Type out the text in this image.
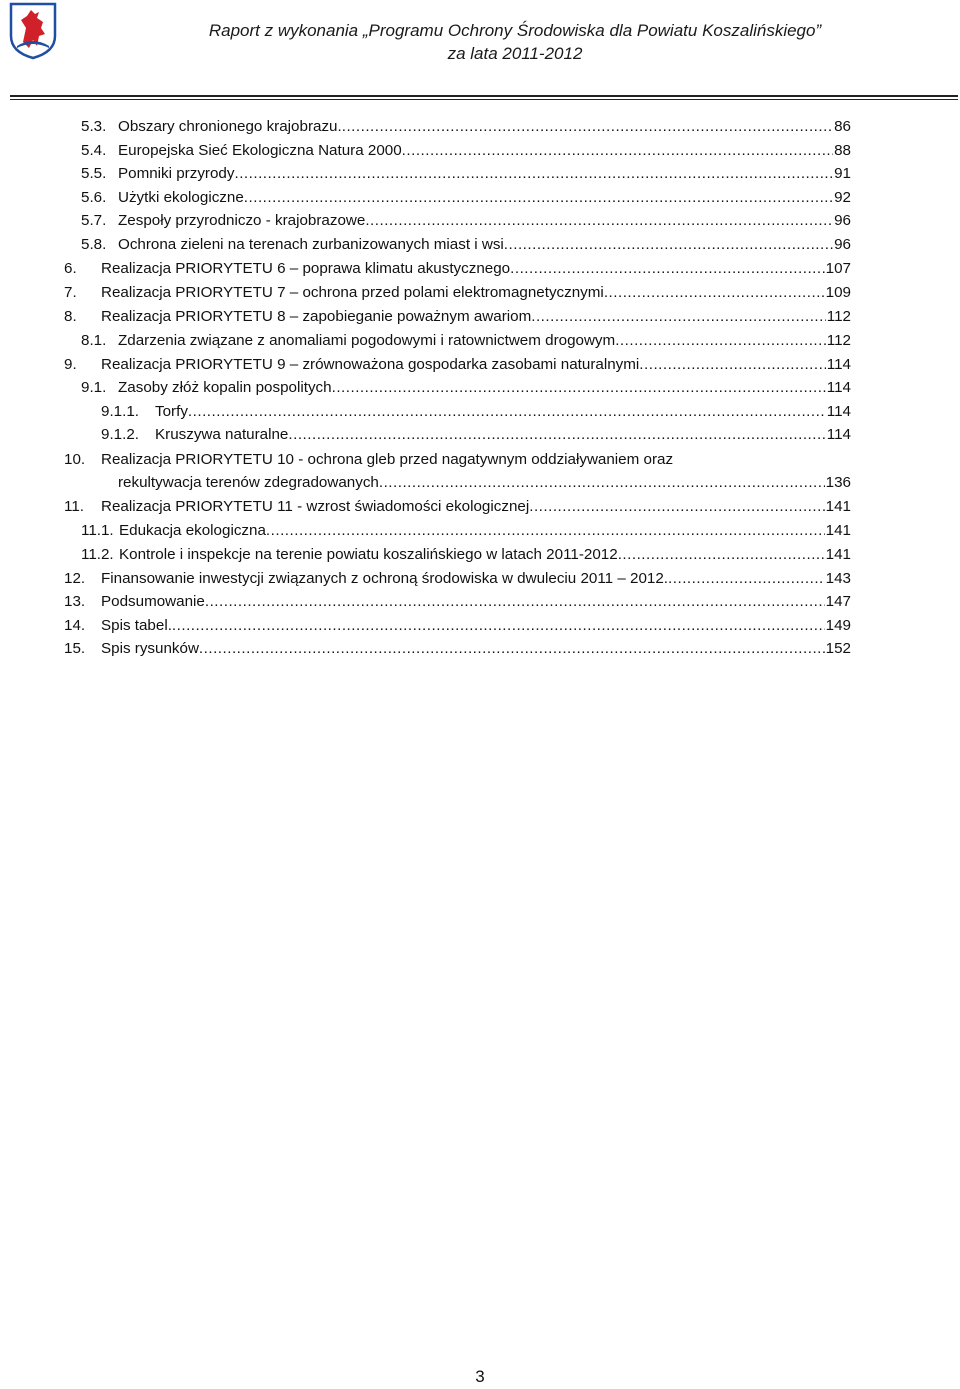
Raport z wykonania „Programu Ochrony Środowiska dla Powiatu Koszalińskiego”
za lata 2011-2012
5.3. Obszary chronionego krajobrazu. .....	86
5.4. Europejska Sieć Ekologiczna Natura 2000 .....	88
5.5. Pomniki przyrody .....	91
5.6. Użytki ekologiczne .....	92
5.7. Zespoły przyrodniczo - krajobrazowe .....	96
5.8. Ochrona zieleni na terenach zurbanizowanych miast i wsi .....	96
6.	Realizacja PRIORYTETU 6 – poprawa klimatu akustycznego .....	107
7.	Realizacja PRIORYTETU 7 – ochrona przed polami elektromagnetycznymi .....	109
8.	Realizacja PRIORYTETU 8 – zapobieganie poważnym awariom .....	112
8.1. Zdarzenia związane z anomaliami pogodowymi i ratownictwem drogowym .....	112
9.	Realizacja PRIORYTETU 9 – zrównoważona gospodarka zasobami naturalnymi .....	114
9.1. Zasoby złóż kopalin pospolitych .....	114
9.1.1.	Torfy .....	114
9.1.2.	Kruszywa naturalne .....	114
10. Realizacja PRIORYTETU 10 - ochrona gleb przed nagatywnym oddziaływaniem oraz
rekultywacja terenów zdegradowanych .....	136
11.	Realizacja PRIORYTETU 11 - wzrost świadomości ekologicznej .....	141
11.1. Edukacja ekologiczna .....	141
11.2. Kontrole i inspekcje na terenie powiatu koszalińskiego w latach 2011-2012 .....	141
12.	Finansowanie inwestycji związanych z ochroną środowiska w dwuleciu 2011 – 2012. .....	143
13.	Podsumowanie .....	147
14.	Spis tabel. .....	149
15.	Spis rysunków .....	152
3
